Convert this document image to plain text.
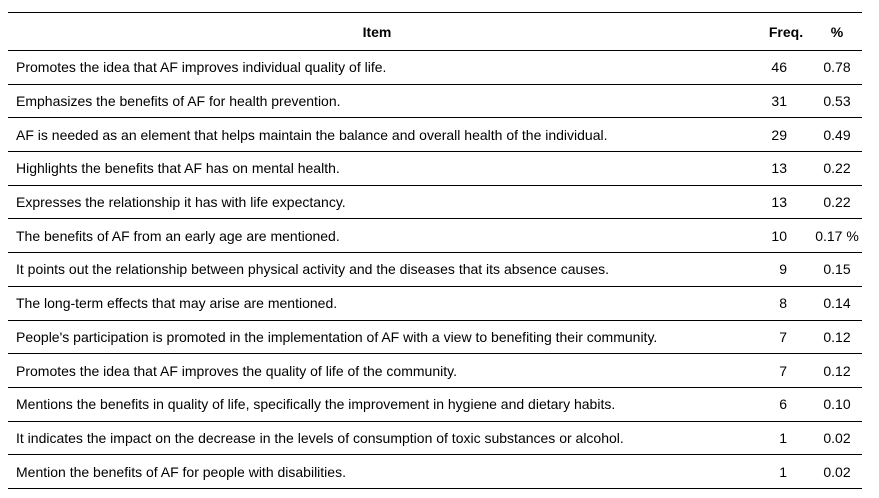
Item	Freq.	%
Promotes the idea that AF improves individual quality of life.	46	0.78
Emphasizes the benefits of AF for health prevention.	31	0.53
AF is needed as an element that helps maintain the balance and overall health of the individual.	29	0.49
Highlights the benefits that AF has on mental health.	13	0.22
Expresses the relationship it has with life expectancy.	13	0.22
The benefits of AF from an early age are mentioned.	10	0.17 %
It points out the relationship between physical activity and the diseases that its absence causes.	9	0.15
The long-term effects that may arise are mentioned.	8	0.14
People's participation is promoted in the implementation of AF with a view to benefiting their community.	7	0.12
Promotes the idea that AF improves the quality of life of the community.	7	0.12
Mentions the benefits in quality of life, specifically the improvement in hygiene and dietary habits.	6	0.10
It indicates the impact on the decrease in the levels of consumption of toxic substances or alcohol.	1	0.02
Mention the benefits of AF for people with disabilities.	1	0.02
